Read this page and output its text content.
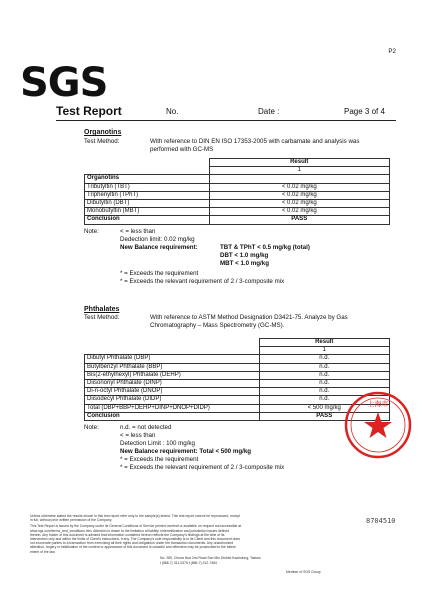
P2
SGS
Test Report	No.	Date :	Page 3 of 4
Organotins
Test Method:	With reference to DIN EN ISO 17353-2005 with carbamate and analysis was
performed with GC-MS
	Result
	1
Organotins	
Tributyltin (TBT)	< 0.02 mg/kg
Triphenyltin (TPhT)	< 0.02 mg/kg
Dibutyltin (DBT)	< 0.02 mg/kg
Monobutyltin (MBT)	< 0.02 mg/kg
Conclusion	PASS
Note:	< = less than
Dedection limit: 0.02 mg/kg
New Balance requirement:	TBT & TPhT < 0.5 mg/kg (total)
DBT < 1.0 mg/kg
MBT < 1.0 mg/kg
* = Exceeds the requirement
* = Exceeds the relevant requirement of 2 / 3-composite mix
Phthalates
Test Method:	With reference to ASTM Method Designation D3421-75. Analyze by Gas
Chromatography – Mass Spectrometry (GC-MS).
	Result
	1
Dibutyl Phthalate (DBP)	n.d.
Butylbenzyl Phthalate (BBP)	n.d.
Bis(2-ethylhexyl) Phthalate (DEHP)	n.d.
Diisononyl Phthalate (DINP)	n.d.
Di-n-octyl Phthalate (DNOP)	n.d.
Diisodecyl Phthalate (DIDP)	n.d.
Total (DBP+BBP+DEHP+DINP+DNOP+DIDP)	< 500 mg/kg
Conclusion	PASS
Note:	n.d. = not detected
< = less than
Detection Limit : 100 mg/kg
New Balance requirement: Total < 500 mg/kg
* = Exceeds the requirement
* = Exceeds the relevant requirement of 2 / 3-composite mix
上海市
8704510
Unless otherwise stated the results shown in this test report refer only to the sample(s) tested. This test report cannot be reproduced, except
in full, without prior written permission of the Company.
This Test Report is issued by the Company under its General Conditions of Service printed overleaf or available on request and accessible at
www.sgs.com/terms_and_conditions.htm. Attention is drawn to the limitation of liability, indemnification and jurisdiction issues defined
therein. Any holder of this document is advised that information contained hereon reflects the Company's findings at the time of its
intervention only and within the limits of Client's instructions, if any. The Company's sole responsibility is to its Client and this document does
not exonerate parties to a transaction from exercising all their rights and obligations under the transaction documents. Any unauthorized
alteration, forgery or falsification of the content or appearance of this document is unlawful and offenders may be prosecuted to the fullest
extent of the law.
No. 289, Chuna Hua 2nd Road San Min District Kaohsiung, Taiwan
t (886-7) 311-0375 f (886-7) 312-7484
Member of SGS Group
